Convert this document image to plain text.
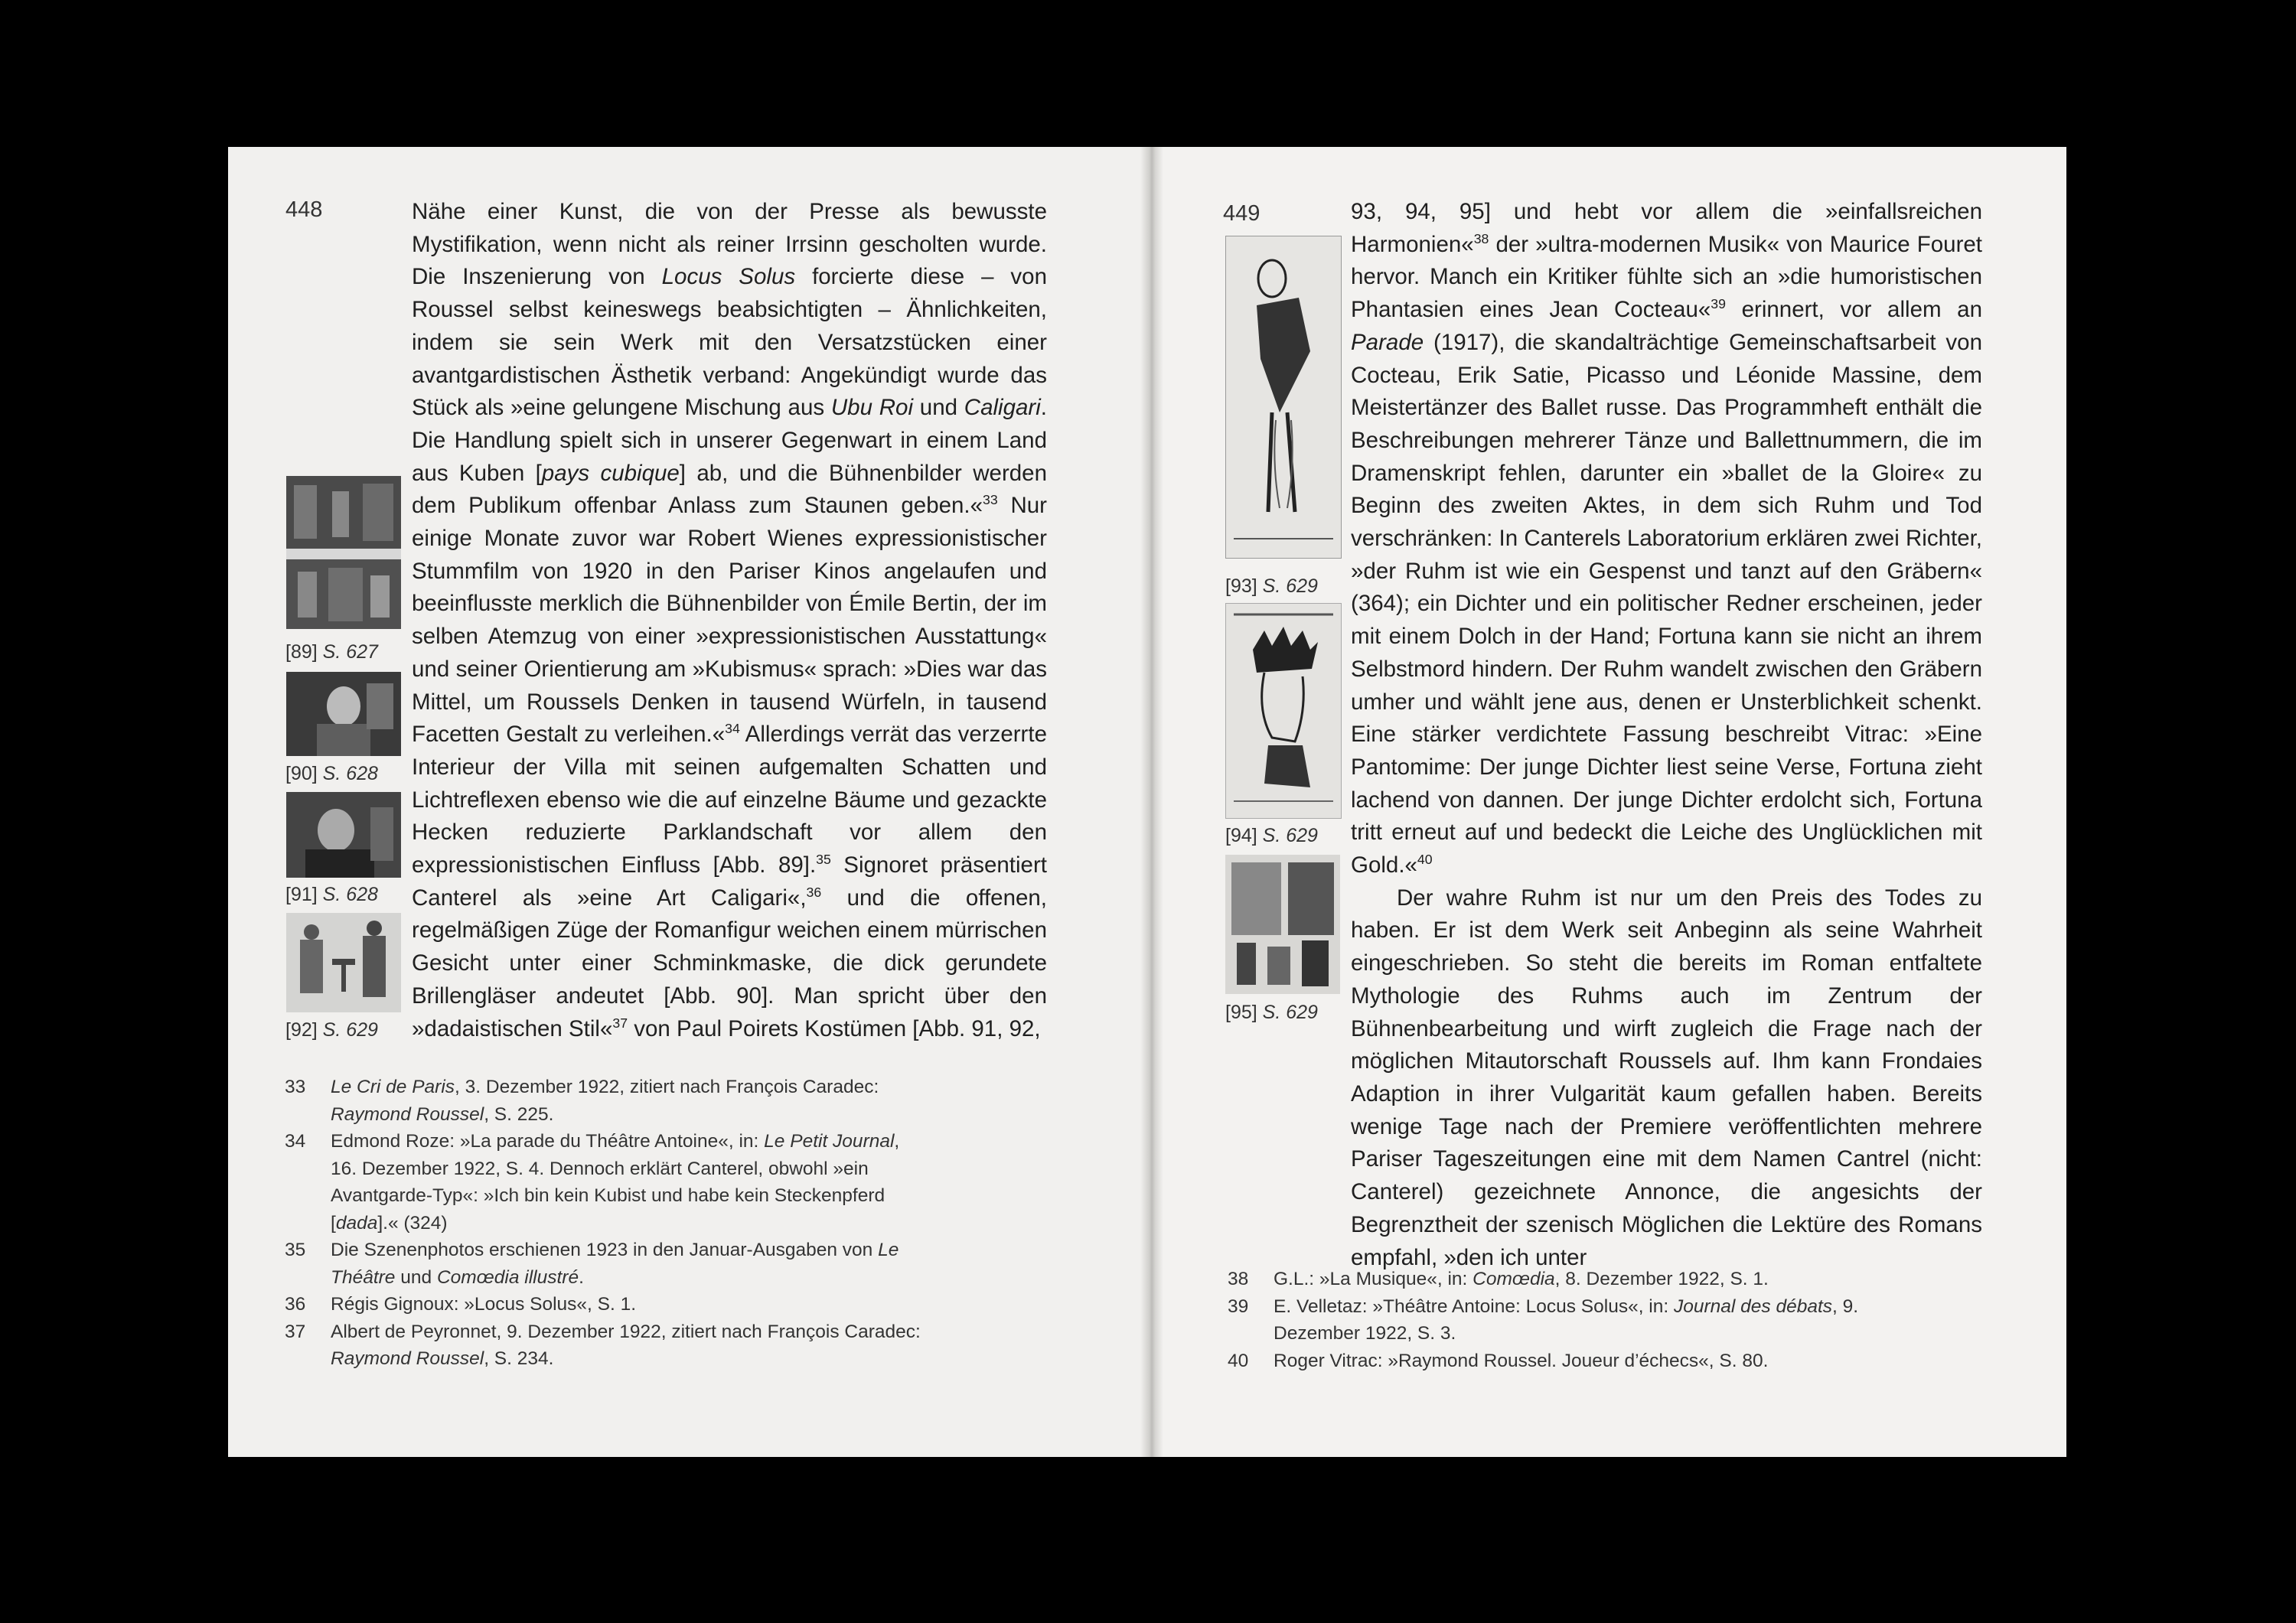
448	Nähe einer Kunst, die von der Presse als bewusste Mystifikation, wenn nicht als reiner Irrsinn gescholten wurde. Die Inszenierung von Locus Solus forcierte diese – von Roussel selbst keineswegs beabsichtigten – Ähnlichkeiten, indem sie sein Werk mit den Versatzstücken einer avantgardistischen Ästhetik verband: Angekündigt wurde das Stück als »eine gelungene Mischung aus Ubu Roi und Caligari. Die Handlung spielt sich in unserer Gegenwart in einem Land aus Kuben [pays cubique] ab, und die Bühnenbilder werden dem Publikum offenbar Anlass zum Staunen geben.«$^{33}$ Nur einige Monate zuvor war Robert Wienes expressionistischer Stummfilm von 1920 in den Pariser Kinos angelaufen und beeinflusste merklich die Bühnenbilder von Émile Bertin, der im selben Atemzug von einer »expressionistischen Ausstattung« und seiner Orientierung am »Kubismus« sprach: »Dies war das Mittel, um Roussels Denken in tausend Würfeln, in tausend Facetten Gestalt zu verleihen.«$^{34}$ Allerdings verrät das verzerrte Interieur der Villa mit seinen aufgemalten Schatten und Lichtreflexen ebenso wie die auf einzelne Bäume und gezackte Hecken reduzierte Parklandschaft vor allem den expressionistischen Einfluss [Abb. 89].$^{35}$ Signoret präsentiert Canterel als »eine Art Caligari«,$^{36}$ und die offenen, regelmäßigen Züge der Romanfigur weichen einem mürrischen Gesicht unter einer Schminkmaske, die dick gerundete Brillengläser andeutet [Abb. 90]. Man spricht über den »dadaistischen Stil«$^{37}$ von Paul Poirets Kostümen [Abb. 91, 92,

[89] S. 627
[90] S. 628
[91] S. 628
[92] S. 629
33	Le Cri de Paris, 3. Dezember 1922, zitiert nach François Caradec: Raymond Roussel, S. 225.
34	Edmond Roze: »La parade du Théâtre Antoine«, in: Le Petit Journal, 16. Dezember 1922, S. 4. Dennoch erklärt Canterel, obwohl »ein Avantgarde-Typ«: »Ich bin kein Kubist und habe kein Steckenpferd [dada].« (324)
35	Die Szenenphotos erschienen 1923 in den Januar-Ausgaben von Le Théâtre und Comœdia illustré.
36	Régis Gignoux: »Locus Solus«, S. 1.
37	Albert de Peyronnet, 9. Dezember 1922, zitiert nach François Caradec: Raymond Roussel, S. 234.
449	93, 94, 95] und hebt vor allem die »einfallsreichen Harmonien«$^{38}$ der »ultra-modernen Musik« von Maurice Fouret hervor. Manch ein Kritiker fühlte sich an »die humoristischen Phantasien eines Jean Cocteau«$^{39}$ erinnert, vor allem an Parade (1917), die skandalträchtige Gemeinschaftsarbeit von Cocteau, Erik Satie, Picasso und Léonide Massine, dem Meistertänzer des Ballet russe. Das Programmheft enthält die Beschreibungen mehrerer Tänze und Ballettnummern, die im Dramenskript fehlen, darunter ein »ballet de la Gloire« zu Beginn des zweiten Aktes, in dem sich Ruhm und Tod verschränken: In Canterels Laboratorium erklären zwei Richter, »der Ruhm ist wie ein Gespenst und tanzt auf den Gräbern« (364); ein Dichter und ein politischer Redner erscheinen, jeder mit einem Dolch in der Hand; Fortuna kann sie nicht an ihrem Selbstmord hindern. Der Ruhm wandelt zwischen den Gräbern umher und wählt jene aus, denen er Unsterblichkeit schenkt. Eine stärker verdichtete Fassung beschreibt Vitrac: »Eine Pantomime: Der junge Dichter liest seine Verse, Fortuna zieht lachend von dannen. Der junge Dichter erdolcht sich, Fortuna tritt erneut auf und bedeckt die Leiche des Unglücklichen mit Gold.«$^{40}$

Der wahre Ruhm ist nur um den Preis des Todes zu haben. Er ist dem Werk seit Anbeginn als seine Wahrheit eingeschrieben. So steht die bereits im Roman entfaltete Mythologie des Ruhms auch im Zentrum der Bühnenbearbeitung und wirft zugleich die Frage nach der möglichen Mitautorschaft Roussels auf. Ihm kann Frondaies Adaption in ihrer Vulgarität kaum gefallen haben. Bereits wenige Tage nach der Premiere veröffentlichten mehrere Pariser Tageszeitungen eine mit dem Namen Cantrel (nicht: Canterel) gezeichnete Annonce, die angesichts der Begrenztheit der szenisch Möglichen die Lektüre des Romans empfahl, »den ich unter

[93] S. 629
[94] S. 629
[95] S. 629
38	G.L.: »La Musique«, in: Comœdia, 8. Dezember 1922, S. 1.
39	E. Velletaz: »Théâtre Antoine: Locus Solus«, in: Journal des débats, 9. Dezember 1922, S. 3.
40	Roger Vitrac: »Raymond Roussel. Joueur d’échecs«, S. 80.
